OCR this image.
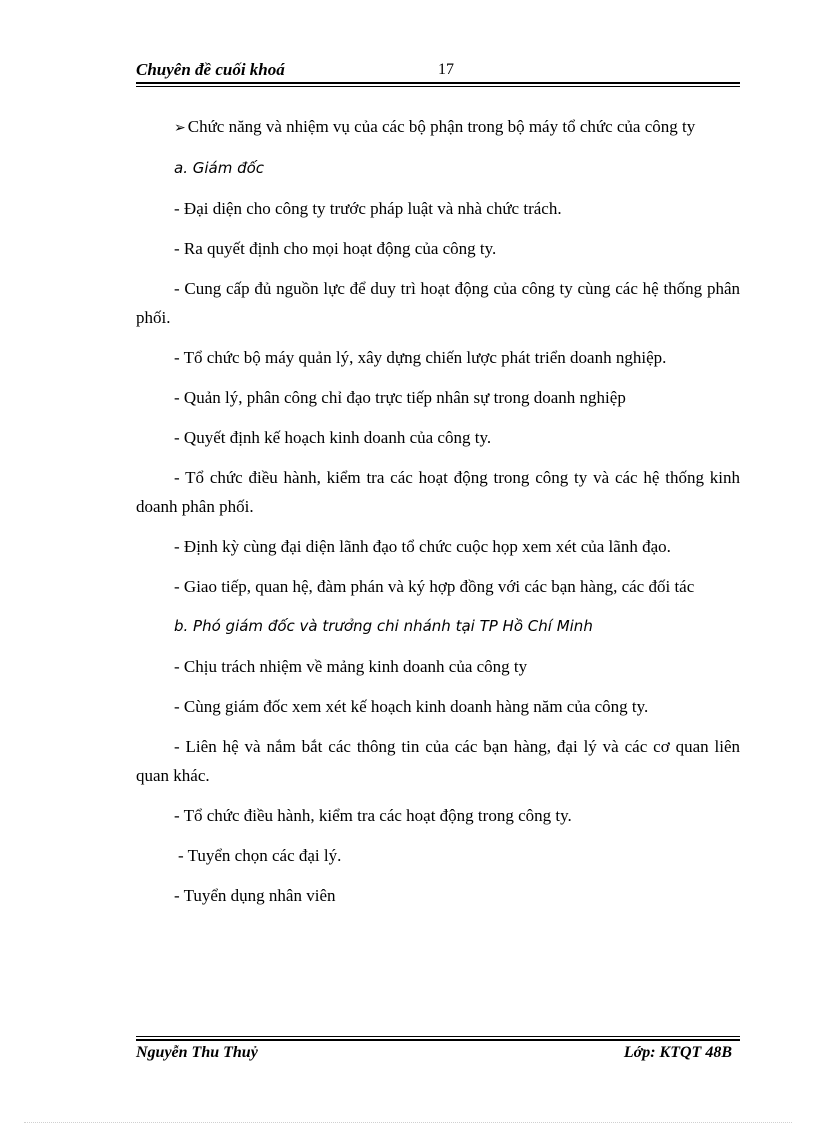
Chuyên đề cuối khoá	17

➢ Chức năng và nhiệm vụ của các bộ phận trong bộ máy tổ chức của công ty

a. Giám đốc

- Đại diện cho công ty trước pháp luật và nhà chức trách.

- Ra quyết định cho mọi hoạt động của công ty.

- Cung cấp đủ nguồn lực để duy trì hoạt động của công ty cùng các hệ thống phân phối.

- Tổ chức bộ máy quản lý, xây dựng chiến lược phát triển doanh nghiệp.

- Quản lý, phân công chỉ đạo trực tiếp nhân sự trong doanh nghiệp

- Quyết định kế hoạch kinh doanh của công ty.

- Tổ chức điều hành, kiểm tra các hoạt động trong công ty và các hệ thống kinh doanh phân phối.

- Định kỳ cùng đại diện lãnh đạo tổ chức cuộc họp xem xét của lãnh đạo.

- Giao tiếp, quan hệ, đàm phán và ký hợp đồng với các bạn hàng, các đối tác

b. Phó giám đốc và trưởng chi nhánh tại TP Hồ Chí Minh

- Chịu trách nhiệm về mảng kinh doanh của công ty

- Cùng giám đốc xem xét kế hoạch kinh doanh hàng năm của công ty.

- Liên hệ và nắm bắt các thông tin của các bạn hàng, đại lý và các cơ quan liên quan khác.

- Tổ chức điều hành, kiểm tra các hoạt động trong công ty.

- Tuyển chọn các đại lý.

- Tuyển dụng nhân viên

Nguyễn Thu Thuỷ	Lớp: KTQT 48B
